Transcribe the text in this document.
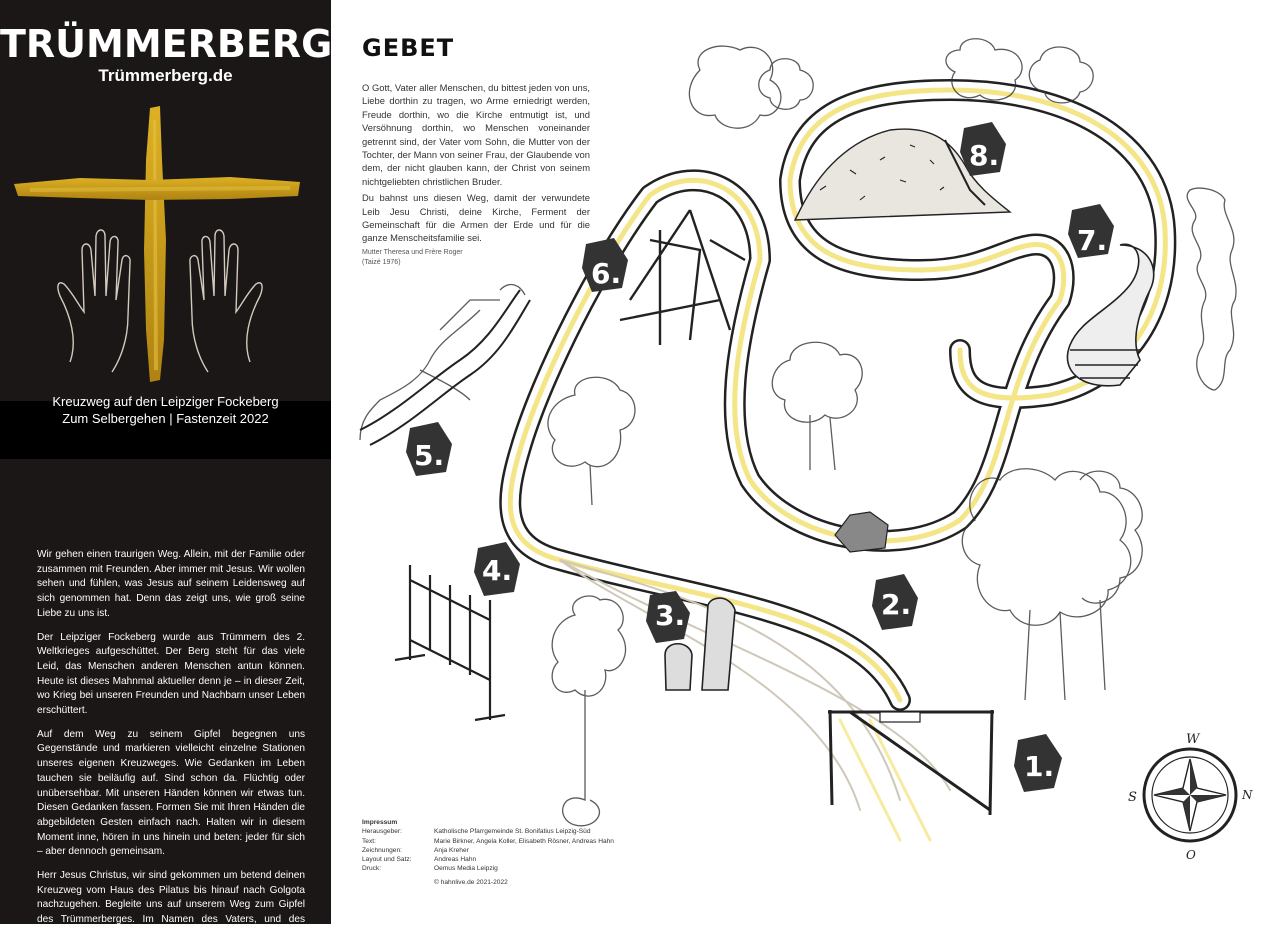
TRÜMMERBERG
Trümmerberg.de
Kreuzweg auf den Leipziger Fockeberg
Zum Selbergehen | Fastenzeit 2022

Wir gehen einen traurigen Weg. Allein, mit der Familie oder zusammen mit Freunden. Aber immer mit Jesus. Wir wollen sehen und fühlen, was Jesus auf seinem Leidensweg auf sich genommen hat. Denn das zeigt uns, wie groß seine Liebe zu uns ist.

Der Leipziger Fockeberg wurde aus Trümmern des 2. Weltkrieges aufgeschüttet. Der Berg steht für das viele Leid, das Menschen anderen Menschen antun können. Heute ist dieses Mahnmal aktueller denn je – in dieser Zeit, wo Krieg bei unseren Freunden und Nachbarn unser Leben erschüttert.

Auf dem Weg zu seinem Gipfel begegnen uns Gegenstände und markieren vielleicht einzelne Stationen unseres eigenen Kreuzweges. Wie Gedanken im Leben tauchen sie beiläufig auf. Sind schon da. Flüchtig oder unübersehbar. Mit unseren Händen können wir etwas tun. Diesen Gedanken fassen. Formen Sie mit Ihren Händen die abgebildeten Gesten einfach nach. Halten wir in diesem Moment inne, hören in uns hinein und beten: jeder für sich – aber dennoch gemeinsam.

Herr Jesus Christus, wir sind gekommen um betend deinen Kreuzweg vom Haus des Pilatus bis hinauf nach Golgota nachzugehen. Begleite uns auf unserem Weg zum Gipfel des Trümmerberges. Im Namen des Vaters, und des Sohnes und des Heiligen Geistes.

1.
2.
3.
4.
5.
6.
7.
8.
W
N
O
S
GEBET

O Gott, Vater aller Menschen, du bittest jeden von uns, Liebe dorthin zu tragen, wo Arme erniedrigt werden, Freude dorthin, wo die Kirche entmutigt ist, und Versöhnung dorthin, wo Menschen voneinander getrennt sind, der Vater vom Sohn, die Mutter von der Tochter, der Mann von seiner Frau, der Glaubende von dem, der nicht glauben kann, der Christ von seinem nichtgeliebten christlichen Bruder.

Du bahnst uns diesen Weg, damit der verwundete Leib Jesu Christi, deine Kirche, Ferment der Gemeinschaft für die Armen der Erde und für die ganze Menscheitsfamilie sei.

Mutter Theresa und Frère Roger
(Taizé 1976)
Impressum
Herausgeber:	Katholische Pfarrgemeinde St. Bonifatius Leipzig-Süd
Text:	Marie Birkner, Angela Koller, Elisabeth Rösner, Andreas Hahn
Zeichnungen:	Anja Kreher
Layout und Satz:	Andreas Hahn
Druck:	Oemus Media Leipzig
© hahnlive.de 2021-2022
